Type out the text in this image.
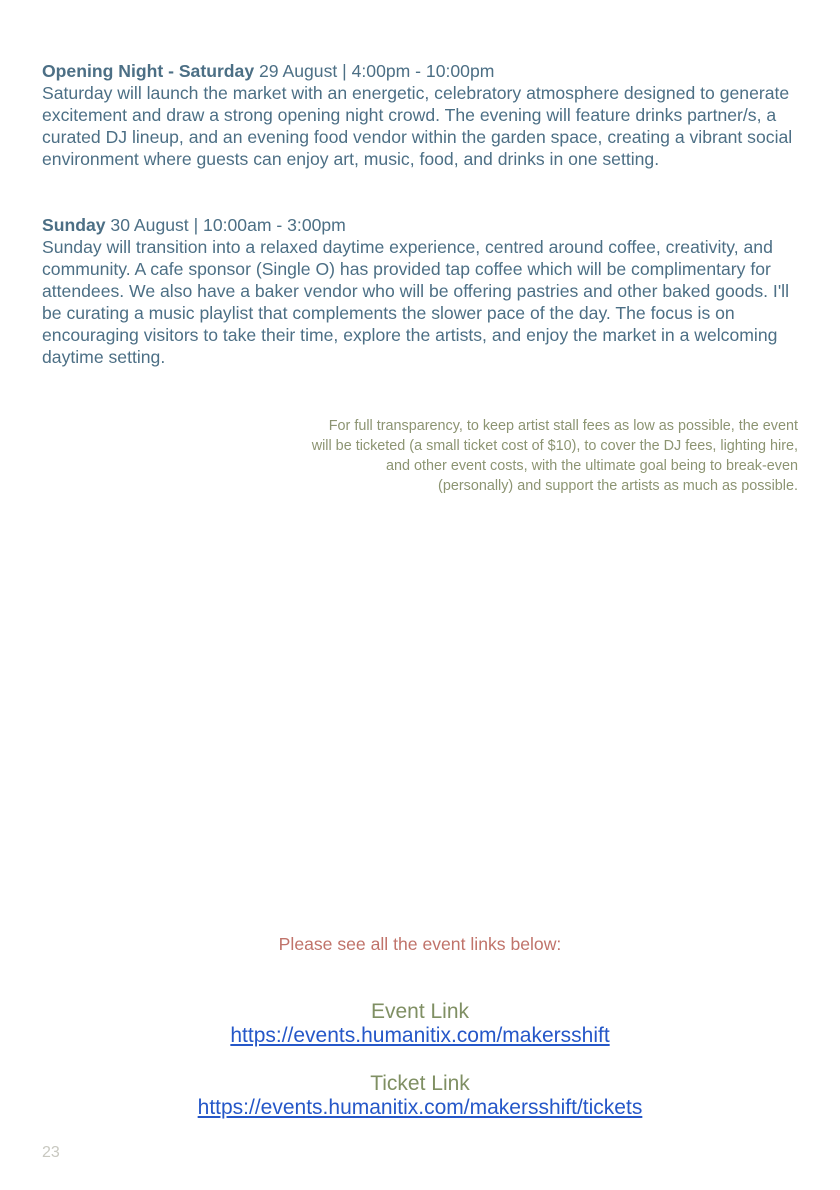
Opening Night - Saturday 29 August | 4:00pm - 10:00pm

Saturday will launch the market with an energetic, celebratory atmosphere designed to generate excitement and draw a strong opening night crowd. The evening will feature drinks partner/s, a curated DJ lineup, and an evening food vendor within the garden space, creating a vibrant social environment where guests can enjoy art, music, food, and drinks in one setting.

Sunday 30 August | 10:00am - 3:00pm

Sunday will transition into a relaxed daytime experience, centred around coffee, creativity, and community. A cafe sponsor (Single O) has provided tap coffee which will be complimentary for attendees. We also have a baker vendor who will be offering pastries and other baked goods. I'll be curating a music playlist that complements the slower pace of the day. The focus is on encouraging visitors to take their time, explore the artists, and enjoy the market in a welcoming daytime setting.

For full transparency, to keep artist stall fees as low as possible, the event will be ticketed (a small ticket cost of $10), to cover the DJ fees, lighting hire, and other event costs, with the ultimate goal being to break-even (personally) and support the artists as much as possible.
Please see all the event links below:
Event Link
https://events.humanitix.com/makersshift
Ticket Link
https://events.humanitix.com/makersshift/tickets
23
